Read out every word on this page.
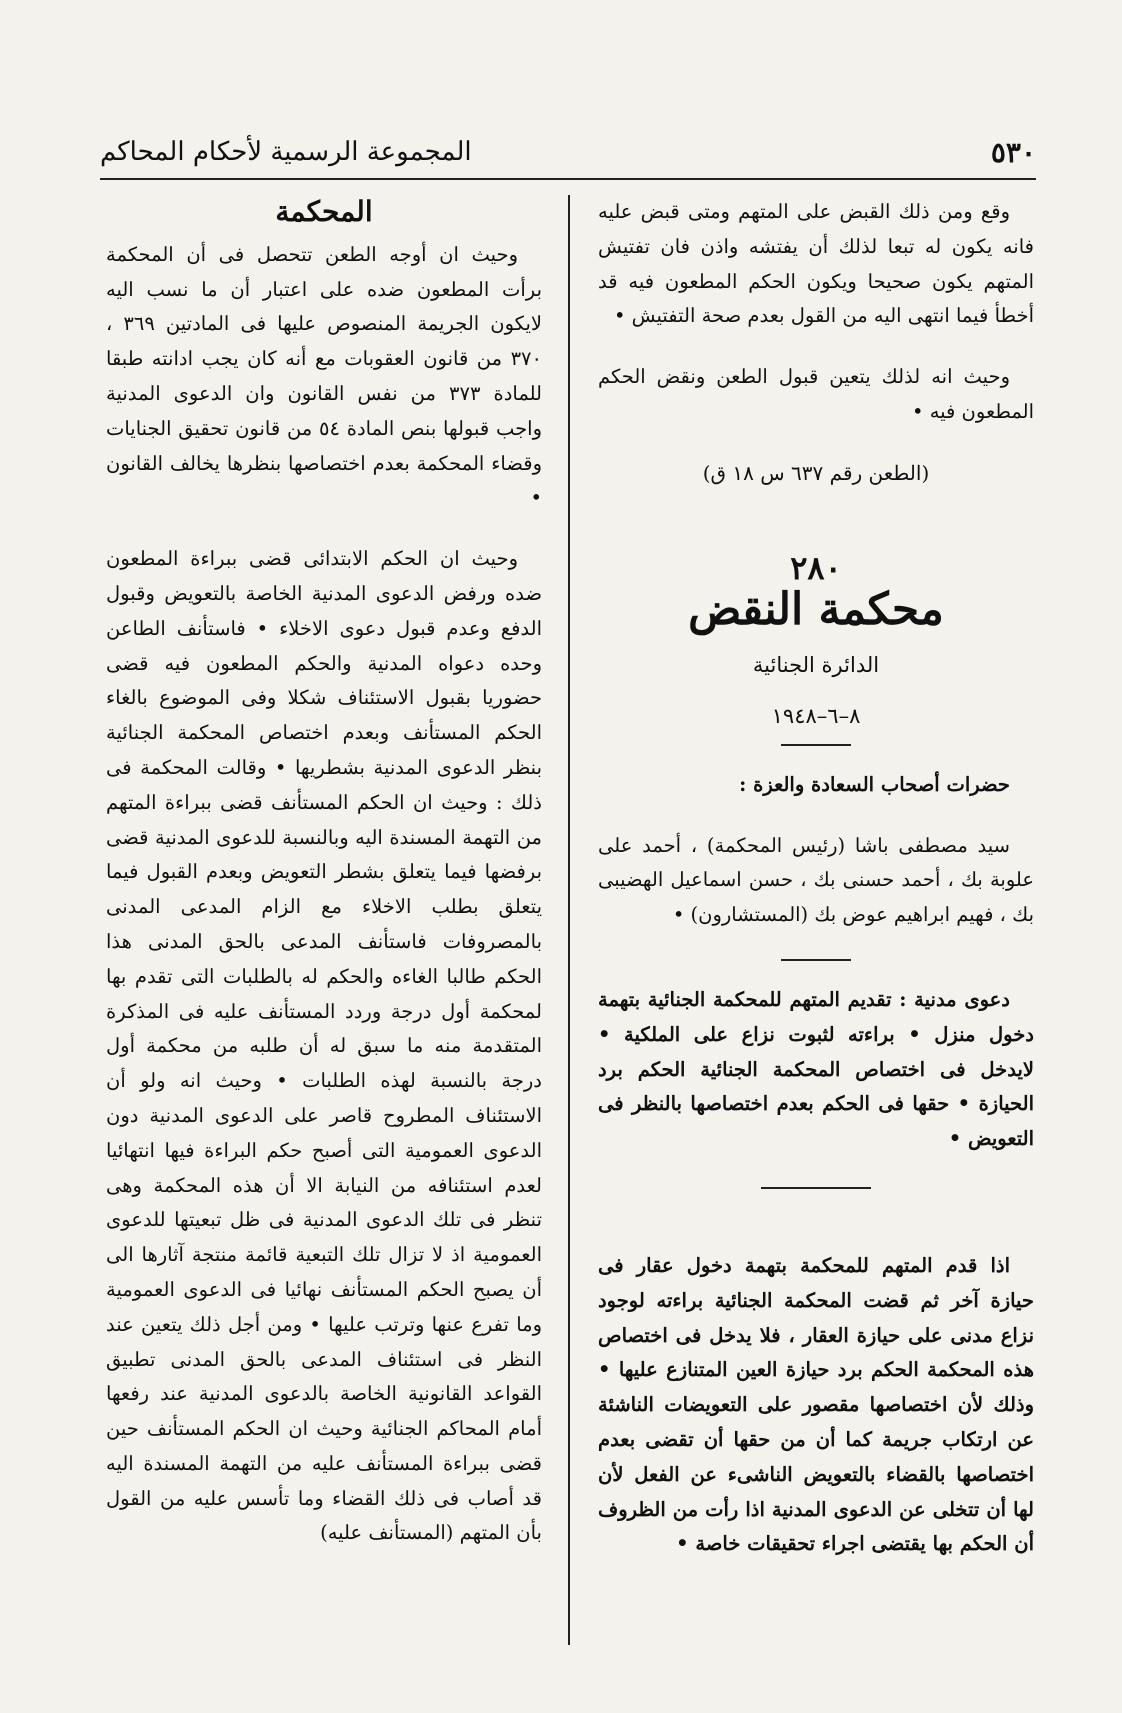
٥٣٠
المجموعة الرسمية لأحكام المحاكم

وقع ومن ذلك القبض على المتهم ومتى قبض عليه فانه يكون له تبعا لذلك أن يفتشه واذن فان تفتيش المتهم يكون صحيحا ويكون الحكم المطعون فيه قد أخطأ فيما انتهى اليه من القول بعدم صحة التفتيش •

وحيث انه لذلك يتعين قبول الطعن ونقض الحكم المطعون فيه •

(الطعن رقم ٦٣٧ س ١٨ ق)
٢٨٠
محكمة النقض
الدائرة الجنائية
٨–٦–١٩٤٨

حضرات أصحاب السعادة والعزة :

سيد مصطفى باشا (رئيس المحكمة) ، أحمد على علوبة بك ، أحمد حسنى بك ، حسن اسماعيل الهضيبى بك ، فهيم ابراهيم عوض بك (المستشارون) •

دعوى مدنية : تقديم المتهم للمحكمة الجنائية بتهمة دخول منزل • براءته لثبوت نزاع على الملكية • لايدخل فى اختصاص المحكمة الجنائية الحكم برد الحيازة • حقها فى الحكم بعدم اختصاصها بالنظر فى التعويض •

اذا قدم المتهم للمحكمة بتهمة دخول عقار فى حيازة آخر ثم قضت المحكمة الجنائية براءته لوجود نزاع مدنى على حيازة العقار ، فلا يدخل فى اختصاص هذه المحكمة الحكم برد حيازة العين المتنازع عليها • وذلك لأن اختصاصها مقصور على التعويضات الناشئة عن ارتكاب جريمة كما أن من حقها أن تقضى بعدم اختصاصها بالقضاء بالتعويض الناشىء عن الفعل لأن لها أن تتخلى عن الدعوى المدنية اذا رأت من الظروف أن الحكم بها يقتضى اجراء تحقيقات خاصة •

المحكمة

وحيث ان أوجه الطعن تتحصل فى أن المحكمة برأت المطعون ضده على اعتبار أن ما نسب اليه لايكون الجريمة المنصوص عليها فى المادتين ٣٦٩ ، ٣٧٠ من قانون العقوبات مع أنه كان يجب ادانته طبقا للمادة ٣٧٣ من نفس القانون وان الدعوى المدنية واجب قبولها بنص المادة ٥٤ من قانون تحقيق الجنايات وقضاء المحكمة بعدم اختصاصها بنظرها يخالف القانون •

وحيث ان الحكم الابتدائى قضى ببراءة المطعون ضده ورفض الدعوى المدنية الخاصة بالتعويض وقبول الدفع وعدم قبول دعوى الاخلاء • فاستأنف الطاعن وحده دعواه المدنية والحكم المطعون فيه قضى حضوريا بقبول الاستئناف شكلا وفى الموضوع بالغاء الحكم المستأنف وبعدم اختصاص المحكمة الجنائية بنظر الدعوى المدنية بشطريها • وقالت المحكمة فى ذلك : وحيث ان الحكم المستأنف قضى ببراءة المتهم من التهمة المسندة اليه وبالنسبة للدعوى المدنية قضى برفضها فيما يتعلق بشطر التعويض وبعدم القبول فيما يتعلق بطلب الاخلاء مع الزام المدعى المدنى بالمصروفات فاستأنف المدعى بالحق المدنى هذا الحكم طالبا الغاءه والحكم له بالطلبات التى تقدم بها لمحكمة أول درجة وردد المستأنف عليه فى المذكرة المتقدمة منه ما سبق له أن طلبه من محكمة أول درجة بالنسبة لهذه الطلبات • وحيث انه ولو أن الاستئناف المطروح قاصر على الدعوى المدنية دون الدعوى العمومية التى أصبح حكم البراءة فيها انتهائيا لعدم استئنافه من النيابة الا أن هذه المحكمة وهى تنظر فى تلك الدعوى المدنية فى ظل تبعيتها للدعوى العمومية اذ لا تزال تلك التبعية قائمة منتجة آثارها الى أن يصبح الحكم المستأنف نهائيا فى الدعوى العمومية وما تفرع عنها وترتب عليها • ومن أجل ذلك يتعين عند النظر فى استئناف المدعى بالحق المدنى تطبيق القواعد القانونية الخاصة بالدعوى المدنية عند رفعها أمام المحاكم الجنائية وحيث ان الحكم المستأنف حين قضى ببراءة المستأنف عليه من التهمة المسندة اليه قد أصاب فى ذلك القضاء وما تأسس عليه من القول بأن المتهم (المستأنف عليه)
